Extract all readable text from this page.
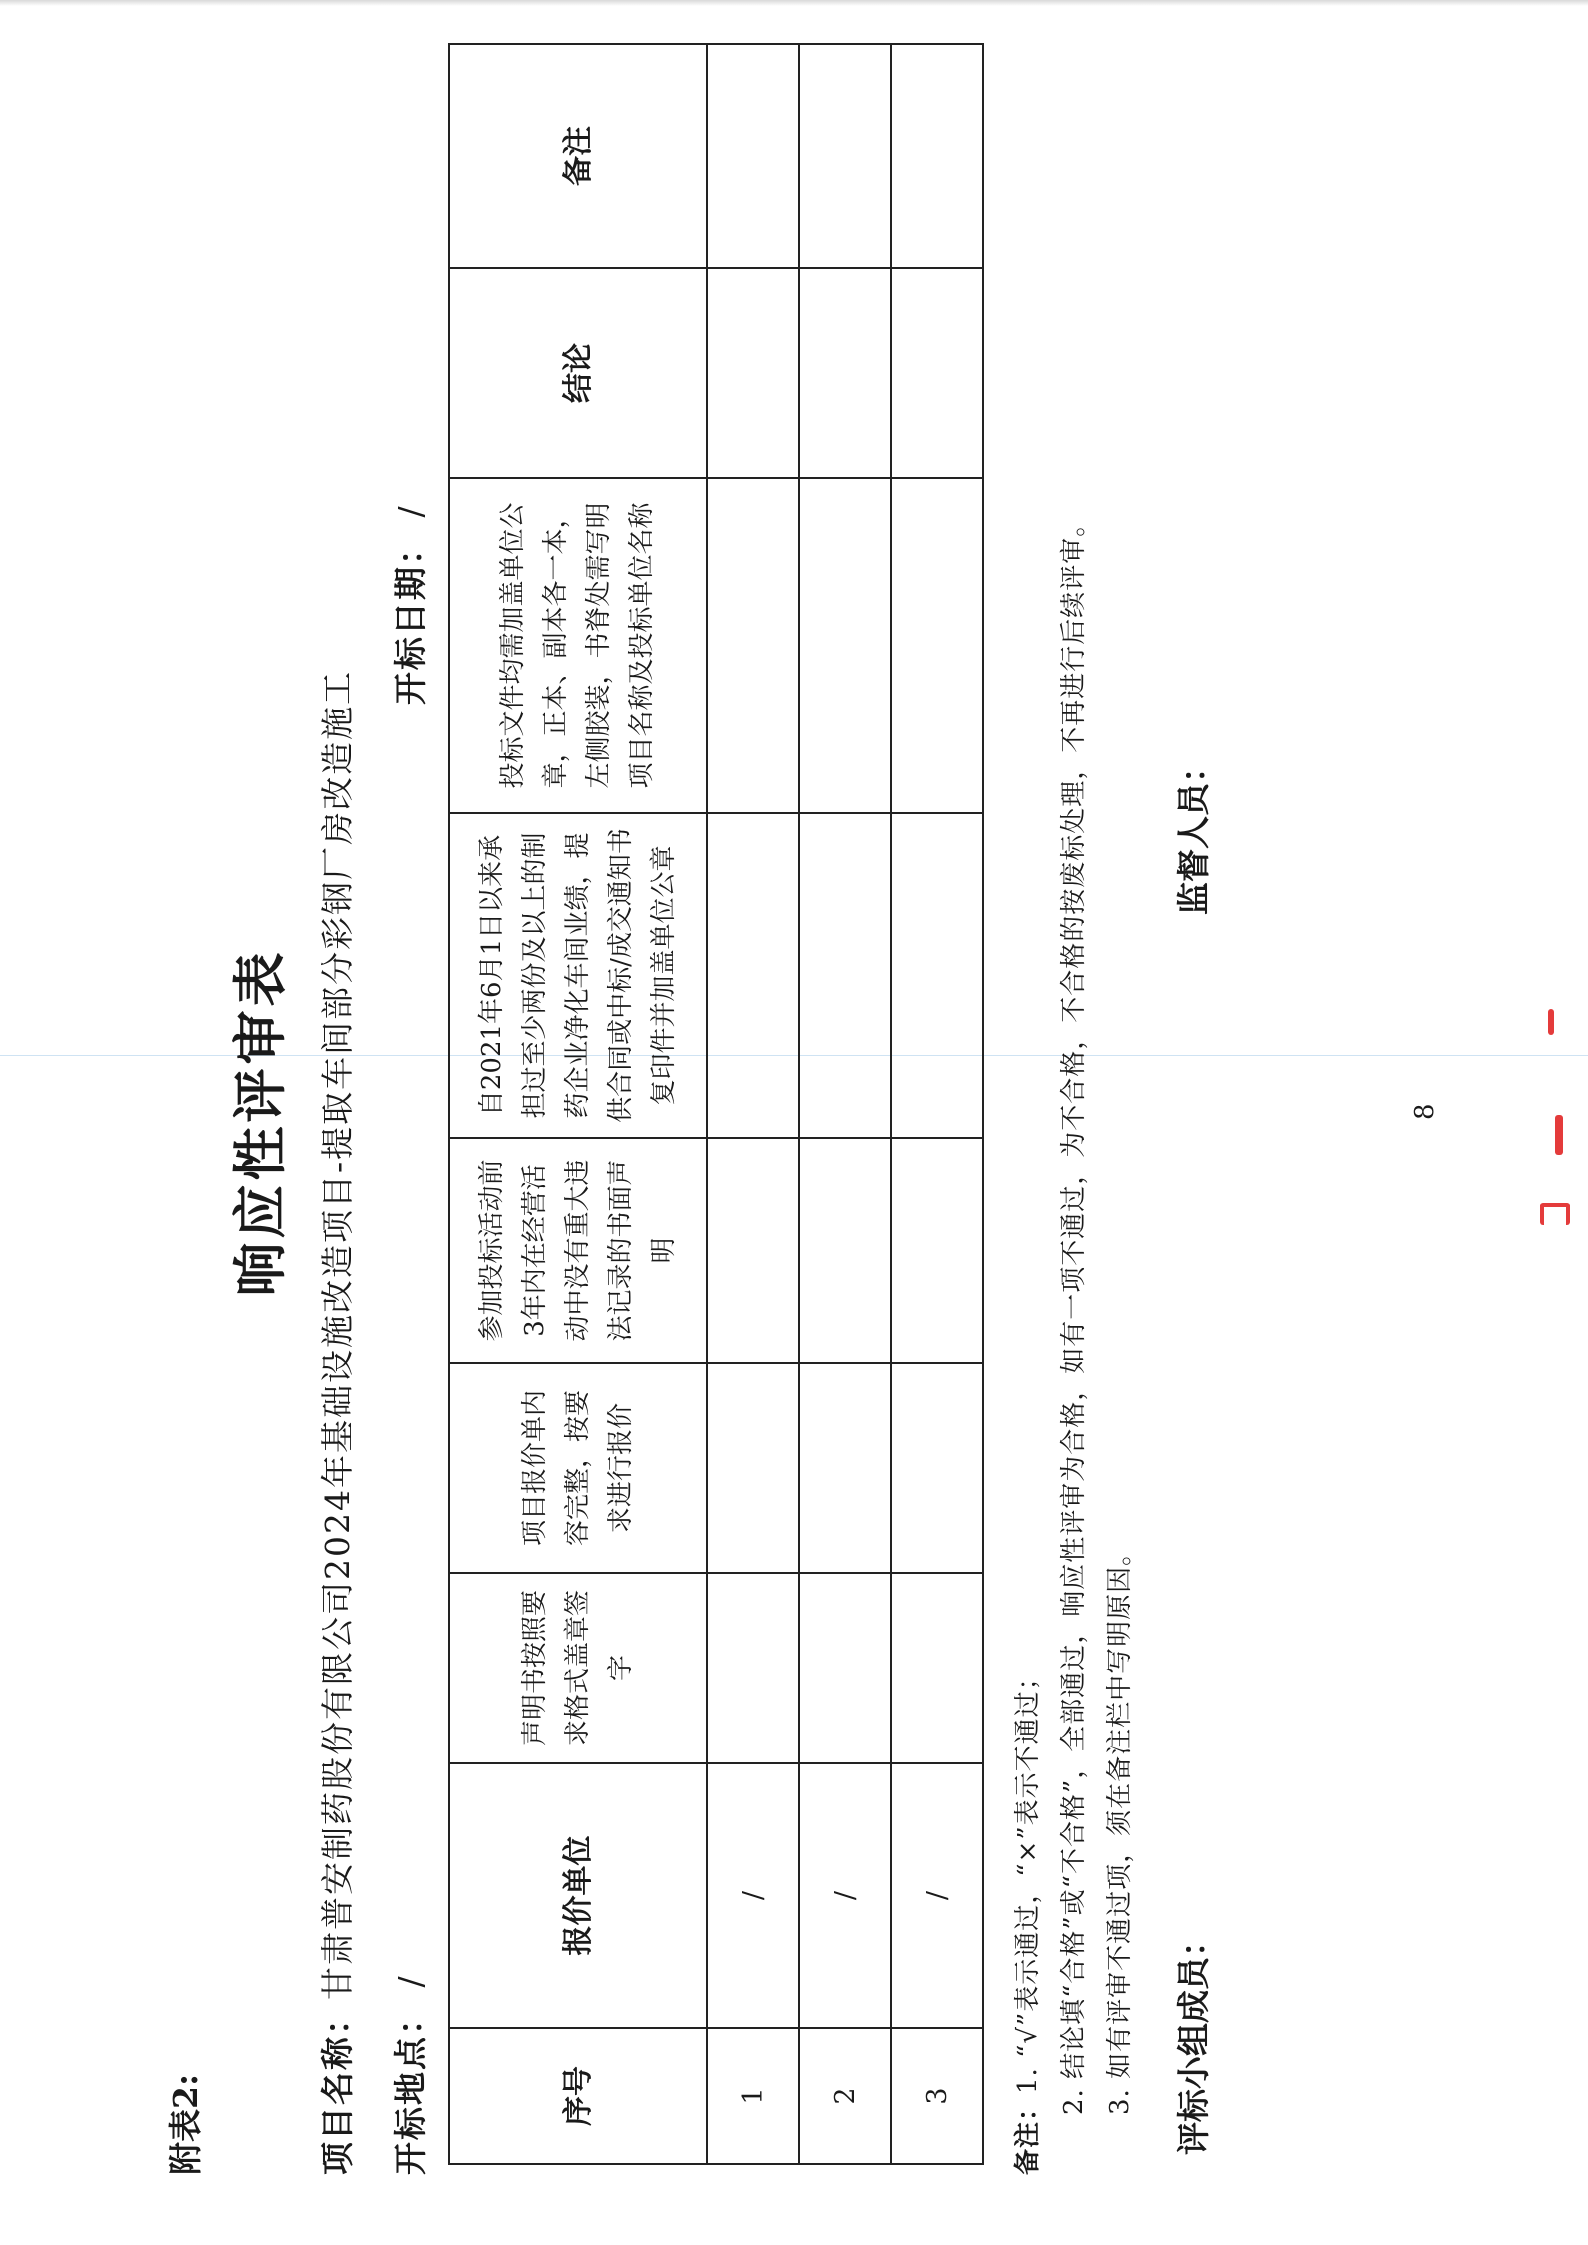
附表2:
响应性评审表
项目名称：甘肃普安制药股份有限公司2024年基础设施改造项目-提取车间部分彩钢厂房改造施工
开标地点： /
开标日期： /
序号	报价单位	声明书按照要求格式盖章签字	项目报价单内容完整，按要求进行报价	参加投标活动前3年内在经营活动中没有重大违法记录的书面声明	自2021年6月1日以来承担过至少两份及以上的制药企业净化车间业绩，提供合同或中标/成交通知书复印件并加盖单位公章	投标文件均需加盖单位公章，正本、副本各一本，左侧胶装，书脊处需写明项目名称及投标单位名称	结论	备注
1	/							
2	/							
3	/							
备注：1. “√”表示通过，“×”表示不通过； 2. 结论填“合格”或“不合格”，全部通过，响应性评审为合格，如有一项不通过，为不合格，不合格的按废标处理，不再进行后续评审。 3. 如有评审不通过项，须在备注栏中写明原因。 评标小组成员：
监督人员：
8
